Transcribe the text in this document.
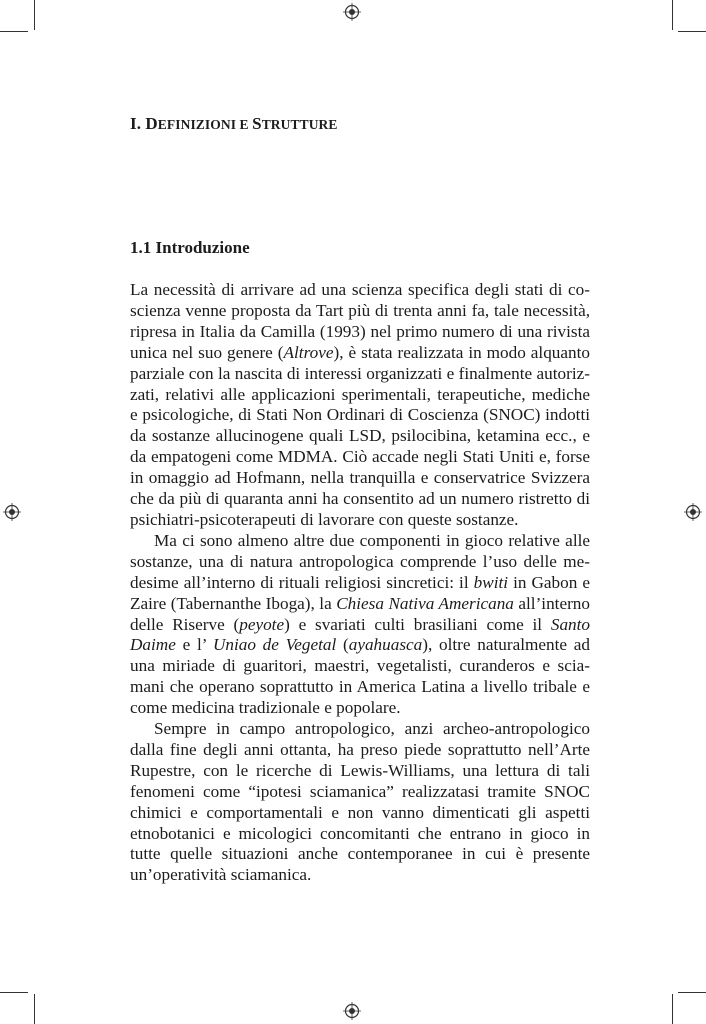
I. DEFINIZIONI E STRUTTURE
1.1 Introduzione

La necessità di arrivare ad una scienza specifica degli stati di coscienza venne proposta da Tart più di trenta anni fa, tale necessità, ripresa in Italia da Camilla (1993) nel primo numero di una rivista unica nel suo genere (Altrove), è stata realizzata in modo alquanto parziale con la nascita di interessi organizzati e finalmente autorizzati, relativi alle applicazioni sperimentali, terapeutiche, mediche e psicologiche, di Stati Non Ordinari di Coscienza (SNOC) indotti da sostanze allucinogene quali LSD, psilocibina, ketamina ecc., e da empatogeni come MDMA. Ciò accade negli Stati Uniti e, forse in omaggio ad Hofmann, nella tranquilla e conservatrice Svizzera che da più di quaranta anni ha consentito ad un numero ristretto di psichiatri-psicoterapeuti di lavorare con queste sostanze.

Ma ci sono almeno altre due componenti in gioco relative alle sostanze, una di natura antropologica comprende l’uso delle medesime all’interno di rituali religiosi sincretici: il bwiti in Gabon e Zaire (Tabernanthe Iboga), la Chiesa Nativa Americana all’interno delle Riserve (peyote) e svariati culti brasiliani come il Santo Daime e l’ Uniao de Vegetal (ayahuasca), oltre naturalmente ad una miriade di guaritori, maestri, vegetalisti, curanderos e sciamani che operano soprattutto in America Latina a livello tribale e come medicina tradizionale e popolare.

Sempre in campo antropologico, anzi archeo-antropologico dalla fine degli anni ottanta, ha preso piede soprattutto nell’Arte Rupestre, con le ricerche di Lewis-Williams, una lettura di tali fenomeni come “ipotesi sciamanica” realizzatasi tramite SNOC chimici e comportamentali e non vanno dimenticati gli aspetti etnobotanici e micologici concomitanti che entrano in gioco in tutte quelle situazioni anche contemporanee in cui è presente un’operatività sciamanica.
